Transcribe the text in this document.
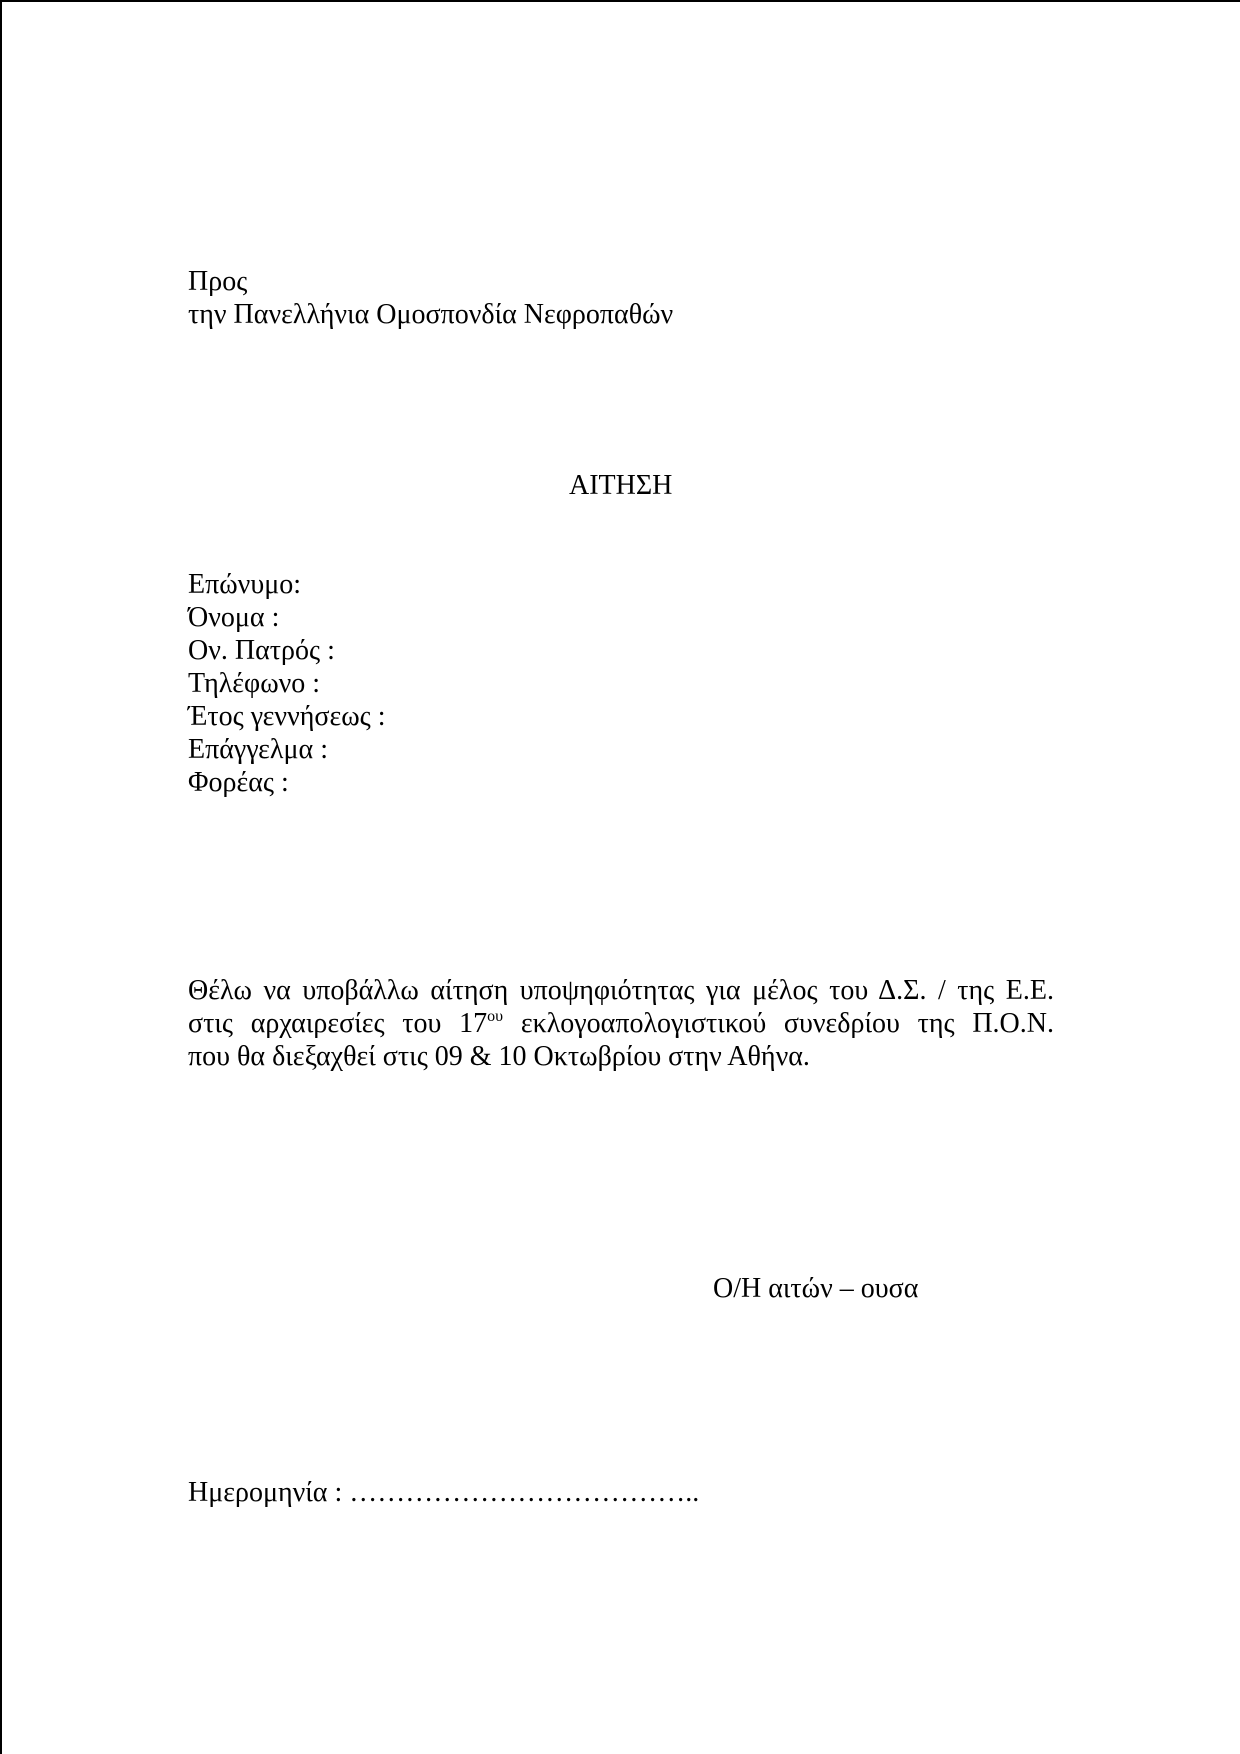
Προς
την Πανελλήνια Ομοσπονδία Νεφροπαθών
ΑΙΤΗΣΗ
Επώνυμο:
Όνομα :
Ον. Πατρός :
Τηλέφωνο :
Έτος γεννήσεως :
Επάγγελμα :
Φορέας :
Θέλω να υποβάλλω αίτηση υποψηφιότητας για μέλος του Δ.Σ. / της Ε.Ε.
στις αρχαιρεσίες του $17^{o\upsilon}$ εκλογοαπολογιστικού συνεδρίου της Π.Ο.Ν.
που θα διεξαχθεί στις 09 & 10 Οκτωβρίου στην Αθήνα.
Ο/Η αιτών – ουσα
Ημερομηνία : ………………………………..
